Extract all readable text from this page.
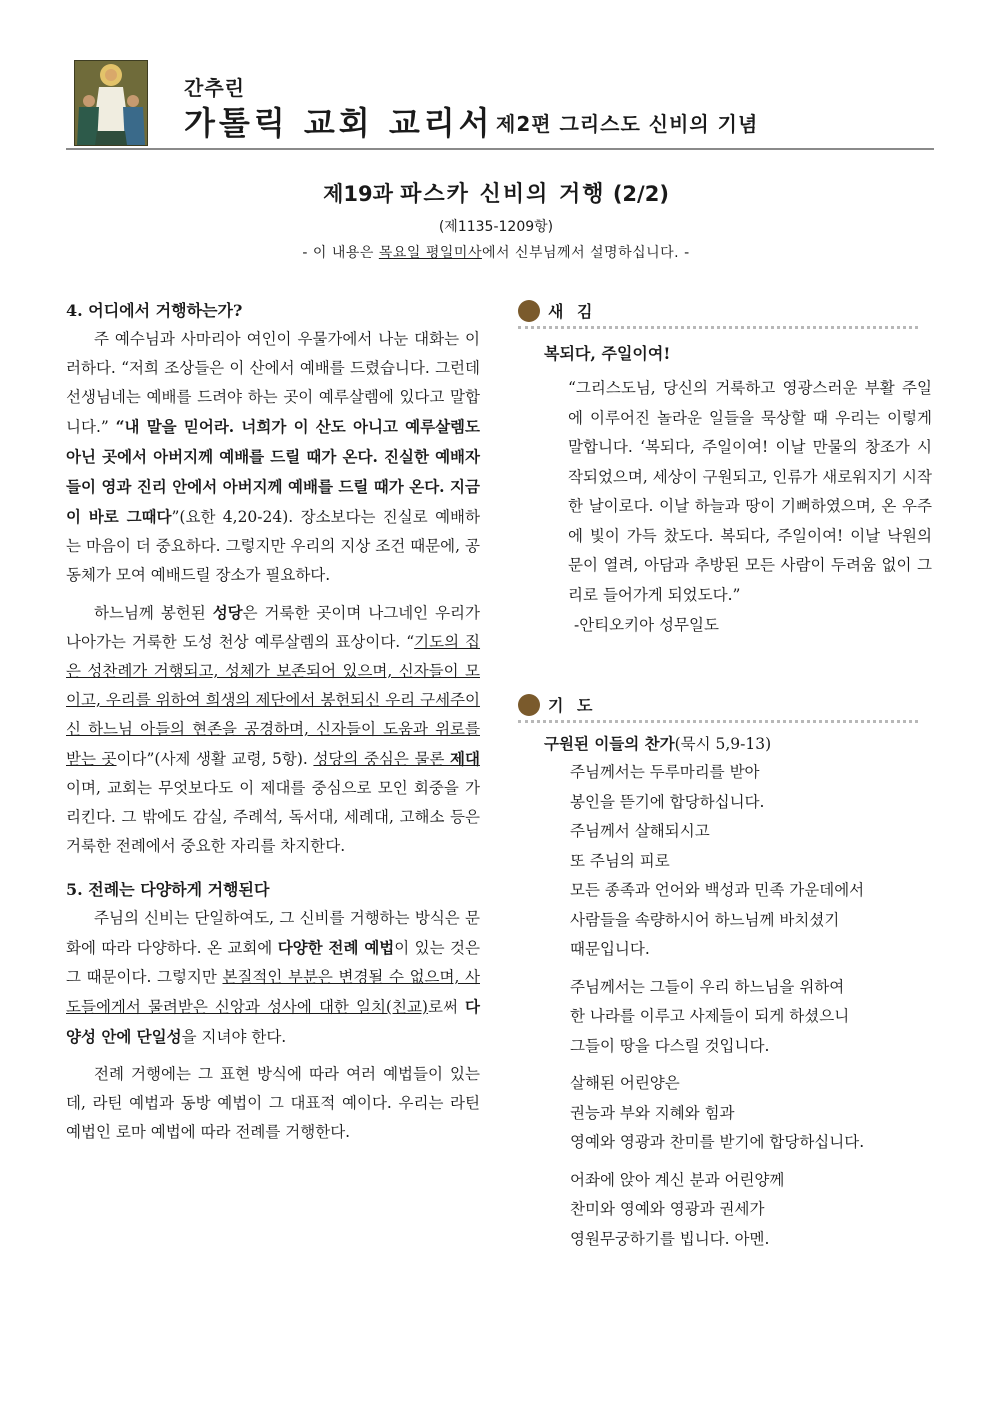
간추린
가톨릭 교회 교리서 제2편 그리스도 신비의 기념
제19과 파스카 신비의 거행 (2/2)
(제1135-1209항)
- 이 내용은 목요일 평일미사에서 신부님께서 설명하십니다. -

4. 어디에서 거행하는가?

주 예수님과 사마리아 여인이 우물가에서 나눈 대화는 이러하다. “저희 조상들은 이 산에서 예배를 드렸습니다. 그런데 선생님네는 예배를 드려야 하는 곳이 예루살렘에 있다고 말합니다.” “내 말을 믿어라. 너희가 이 산도 아니고 예루살렘도 아닌 곳에서 아버지께 예배를 드릴 때가 온다. 진실한 예배자들이 영과 진리 안에서 아버지께 예배를 드릴 때가 온다. 지금이 바로 그때다”(요한 4,20-24). 장소보다는 진실로 예배하는 마음이 더 중요하다. 그렇지만 우리의 지상 조건 때문에, 공동체가 모여 예배드릴 장소가 필요하다.

하느님께 봉헌된 성당은 거룩한 곳이며 나그네인 우리가 나아가는 거룩한 도성 천상 예루살렘의 표상이다. “기도의 집은 성찬례가 거행되고, 성체가 보존되어 있으며, 신자들이 모이고, 우리를 위하여 희생의 제단에서 봉헌되신 우리 구세주이신 하느님 아들의 현존을 공경하며, 신자들이 도움과 위로를 받는 곳이다”(사제 생활 교령, 5항). 성당의 중심은 물론 제대이며, 교회는 무엇보다도 이 제대를 중심으로 모인 회중을 가리킨다. 그 밖에도 감실, 주례석, 독서대, 세례대, 고해소 등은 거룩한 전례에서 중요한 자리를 차지한다.

5. 전례는 다양하게 거행된다

주님의 신비는 단일하여도, 그 신비를 거행하는 방식은 문화에 따라 다양하다. 온 교회에 다양한 전례 예법이 있는 것은 그 때문이다. 그렇지만 본질적인 부분은 변경될 수 없으며, 사도들에게서 물려받은 신앙과 성사에 대한 일치(친교)로써 다양성 안에 단일성을 지녀야 한다.

전례 거행에는 그 표현 방식에 따라 여러 예법들이 있는데, 라틴 예법과 동방 예법이 그 대표적 예이다. 우리는 라틴 예법인 로마 예법에 따라 전례를 거행한다.

새 김

복되다, 주일이여!

“그리스도님, 당신의 거룩하고 영광스러운 부활 주일에 이루어진 놀라운 일들을 묵상할 때 우리는 이렇게 말합니다. ‘복되다, 주일이여! 이날 만물의 창조가 시작되었으며, 세상이 구원되고, 인류가 새로워지기 시작한 날이로다. 이날 하늘과 땅이 기뻐하였으며, 온 우주에 빛이 가득 찼도다. 복되다, 주일이여! 이날 낙원의 문이 열려, 아담과 추방된 모든 사람이 두려움 없이 그리로 들어가게 되었도다.”

-안티오키아 성무일도

기 도

구원된 이들의 찬가(묵시 5,9-13)

주님께서는 두루마리를 받아

봉인을 뜯기에 합당하십니다.

주님께서 살해되시고

또 주님의 피로

모든 종족과 언어와 백성과 민족 가운데에서

사람들을 속량하시어 하느님께 바치셨기

때문입니다.

주님께서는 그들이 우리 하느님을 위하여

한 나라를 이루고 사제들이 되게 하셨으니

그들이 땅을 다스릴 것입니다.

살해된 어린양은

권능과 부와 지혜와 힘과

영예와 영광과 찬미를 받기에 합당하십니다.

어좌에 앉아 계신 분과 어린양께

찬미와 영예와 영광과 권세가

영원무궁하기를 빕니다. 아멘.
